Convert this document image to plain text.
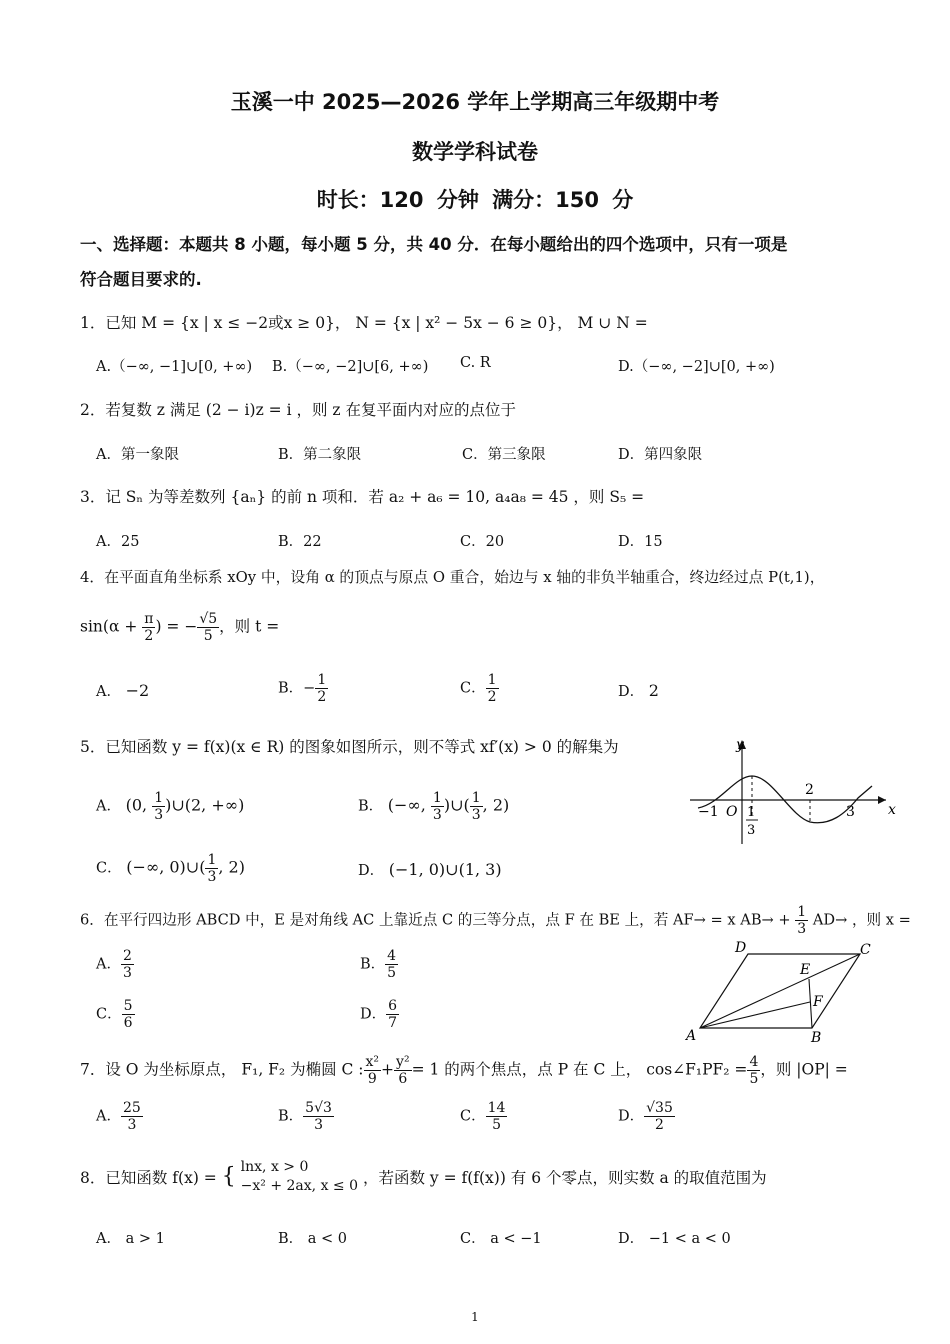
玉溪一中 2025—2026 学年上学期高三年级期中考
数学学科试卷
时长：120 分钟 满分：150 分
一、选择题：本题共 8 小题，每小题 5 分，共 40 分．在每小题给出的四个选项中，只有一项是
符合题目要求的.
1．已知 M = {x | x ≤ −2或x ≥ 0}， N = {x | x² − 5x − 6 ≥ 0}， M ∪ N =
A.（−∞, −1]∪[0, +∞) B.（−∞, −2]∪[6, +∞) C. R	D.（−∞, −2]∪[0, +∞)
2．若复数 z 满足 (2 − i)z = i ，则 z 在复平面内对应的点位于
A．第一象限	B．第二象限	C．第三象限	D．第四象限
3．记 Sₙ 为等差数列 {aₙ} 的前 n 项和．若 a₂ + a₆ = 10, a₄a₈ = 45 ，则 S₅ =
A．25	B．22	C．20	D．15
4．在平面直角坐标系 xOy 中，设角 α 的顶点与原点 O 重合，始边与 x 轴的非负半轴重合，终边经过点 P(t,1)，
$\sin(\alpha + \frac{\pi}{2}$ ) = − $\frac{√5}{5}$ ，则 t =
A． −2	B．− $\frac{1}{2}$	C． $\frac{1}{2}$	D． 2
5．已知函数 y = f(x)(x ∈ R) 的图象如图所示，则不等式 xf′(x) > 0 的解集为
A． (0, $\frac{1}{3}$ )∪(2, +∞)	B． (−∞, $\frac{1}{3}$ )∪( $\frac{1}{3}$ , 2)
C． (−∞, 0)∪( $\frac{1}{3}$ , 2)	D． (−1, 0)∪(1, 3)
y
x
O
−1 1
3
2
3
6．在平行四边形 ABCD 中，E 是对角线 AC 上靠近点 C 的三等分点，点 F 在 BE 上，若 AF→ = x $AB\to + \frac{1}{3} AD\to$ ，则 x =
A． $\frac{2}{3}$	B． $\frac{4}{5}$
C． $\frac{5}{6}$	D． $\frac{6}{7}$
A	B
C
D
E
F
7．设 O 为坐标原点， F₁, F₂ 为椭圆 C : $\frac{\text{x²}}{9} + \frac{\text{y²}}{6} = 1$ 的两个焦点，点 P 在 C 上， cos∠F₁PF₂ = $\frac{4}{5}$ ，则 |OP| =
A． $\frac{25}{3}$	B． $\frac{5√3}{3}$	C． $\frac{14}{5}$	D． $\frac{√35}{2}$
8．已知函数 f(x) = { lnx, x > 0
−x² + 2ax, x ≤ 0 ，若函数 y = f(f(x)) 有 6 个零点，则实数 a 的取值范围为
A． a > 1	B． a < 0	C． a < −1	D． −1 < a < 0
1
